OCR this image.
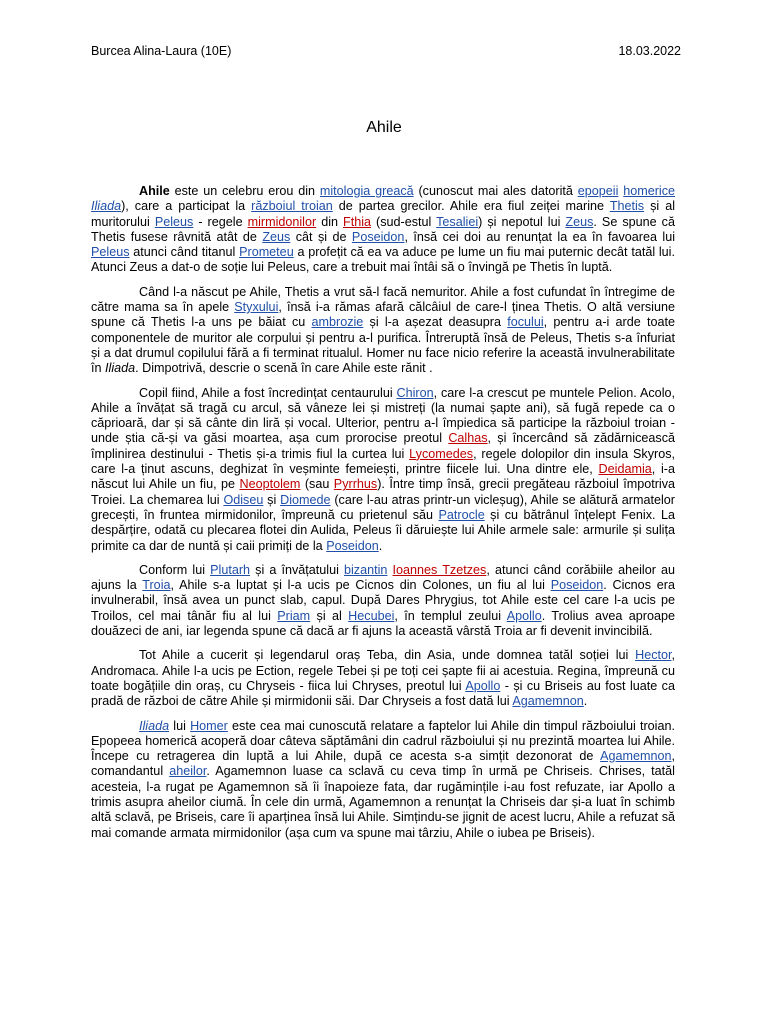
Burcea Alina-Laura (10E)	18.03.2022
Ahile

Ahile este un celebru erou din mitologia greacă (cunoscut mai ales datorită epopeii homerice Iliada), care a participat la războiul troian de partea grecilor. Ahile era fiul zeiței marine Thetis și al muritorului Peleus - regele mirmidonilor din Fthia (sud-estul Tesaliei) și nepotul lui Zeus. Se spune că Thetis fusese râvnită atât de Zeus cât și de Poseidon, însă cei doi au renunțat la ea în favoarea lui Peleus atunci când titanul Prometeu a profețit că ea va aduce pe lume un fiu mai puternic decât tatăl lui. Atunci Zeus a dat-o de soție lui Peleus, care a trebuit mai întâi să o învingă pe Thetis în luptă.

Când l-a născut pe Ahile, Thetis a vrut să-l facă nemuritor. Ahile a fost cufundat în întregime de către mama sa în apele Styxului, însă i-a rămas afară călcâiul de care-l ținea Thetis. O altă versiune spune că Thetis l-a uns pe băiat cu ambrozie și l-a așezat deasupra focului, pentru a-i arde toate componentele de muritor ale corpului și pentru a-l purifica. Întreruptă însă de Peleus, Thetis s-a înfuriat și a dat drumul copilului fără a fi terminat ritualul. Homer nu face nicio referire la această invulnerabilitate în Iliada. Dimpotrivă, descrie o scenă în care Ahile este rănit .

Copil fiind, Ahile a fost încredințat centaurului Chiron, care l-a crescut pe muntele Pelion. Acolo, Ahile a învățat să tragă cu arcul, să vâneze lei și mistreți (la numai șapte ani), să fugă repede ca o căprioară, dar și să cânte din liră și vocal. Ulterior, pentru a-l împiedica să participe la războiul troian - unde știa că-și va găsi moartea, așa cum prorocise preotul Calhas, și încercând să zădărnicească împlinirea destinului - Thetis și-a trimis fiul la curtea lui Lycomedes, regele dolopilor din insula Skyros, care l-a ținut ascuns, deghizat în veșminte femeiești, printre fiicele lui. Una dintre ele, Deidamia, i-a născut lui Ahile un fiu, pe Neoptolem (sau Pyrrhus). Între timp însă, grecii pregăteau războiul împotriva Troiei. La chemarea lui Odiseu și Diomede (care l-au atras printr-un vicleșug), Ahile se alătură armatelor grecești, în fruntea mirmidonilor, împreună cu prietenul său Patrocle și cu bătrânul înțelept Fenix. La despărțire, odată cu plecarea flotei din Aulida, Peleus îi dăruiește lui Ahile armele sale: armurile și sulița primite ca dar de nuntă și caii primiți de la Poseidon.

Conform lui Plutarh și a învățatului bizantin Ioannes Tzetzes, atunci când corăbiile aheilor au ajuns la Troia, Ahile s-a luptat și l-a ucis pe Cicnos din Colones, un fiu al lui Poseidon. Cicnos era invulnerabil, însă avea un punct slab, capul. După Dares Phrygius, tot Ahile este cel care l-a ucis pe Troilos, cel mai tânăr fiu al lui Priam și al Hecubei, în templul zeului Apollo. Trolius avea aproape douăzeci de ani, iar legenda spune că dacă ar fi ajuns la această vârstă Troia ar fi devenit invincibilă.

Tot Ahile a cucerit și legendarul oraș Teba, din Asia, unde domnea tatăl soției lui Hector, Andromaca. Ahile l-a ucis pe Ection, regele Tebei și pe toți cei șapte fii ai acestuia. Regina, împreună cu toate bogățiile din oraș, cu Chryseis - fiica lui Chryses, preotul lui Apollo - și cu Briseis au fost luate ca pradă de război de către Ahile și mirmidonii săi. Dar Chryseis a fost dată lui Agamemnon.

Iliada lui Homer este cea mai cunoscută relatare a faptelor lui Ahile din timpul războiului troian. Epopeea homerică acoperă doar câteva săptămâni din cadrul războiului și nu prezintă moartea lui Ahile. Începe cu retragerea din luptă a lui Ahile, după ce acesta s-a simțit dezonorat de Agamemnon, comandantul aheilor. Agamemnon luase ca sclavă cu ceva timp în urmă pe Chriseis. Chrises, tatăl acesteia, l-a rugat pe Agamemnon să îi înapoieze fata, dar rugămințile i-au fost refuzate, iar Apollo a trimis asupra aheilor ciumă. În cele din urmă, Agamemnon a renunțat la Chriseis dar și-a luat în schimb altă sclavă, pe Briseis, care îi aparținea însă lui Ahile. Simțindu-se jignit de acest lucru, Ahile a refuzat să mai comande armata mirmidonilor (așa cum va spune mai târziu, Ahile o iubea pe Briseis).
